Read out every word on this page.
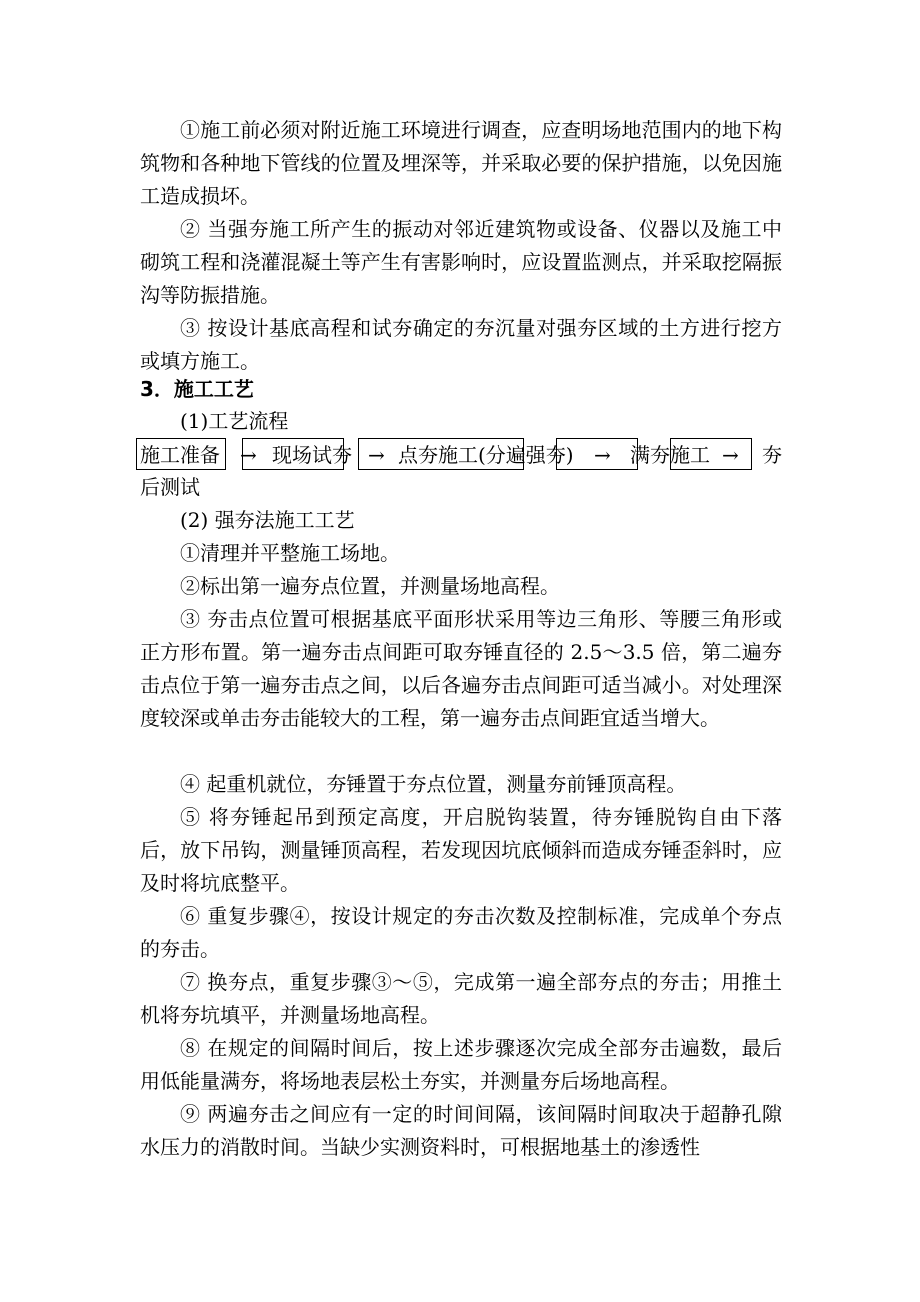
①施工前必须对附近施工环境进行调查，应查明场地范围内的地下构筑物和各种地下管线的位置及埋深等，并采取必要的保护措施，以免因施工造成损坏。

② 当强夯施工所产生的振动对邻近建筑物或设备、仪器以及施工中砌筑工程和浇灌混凝土等产生有害影响时，应设置监测点，并采取挖隔振沟等防振措施。

③ 按设计基底高程和试夯确定的夯沉量对强夯区域的土方进行挖方或填方施工。

3．施工工艺

(1)工艺流程

施工准备 → 现场试夯 → 点夯施工(分遍强夯) → 满夯施工 → 夯

后测试

(2) 强夯法施工工艺

①清理并平整施工场地。

②标出第一遍夯点位置，并测量场地高程。

③ 夯击点位置可根据基底平面形状采用等边三角形、等腰三角形或正方形布置。第一遍夯击点间距可取夯锤直径的 2.5～3.5 倍，第二遍夯击点位于第一遍夯击点之间，以后各遍夯击点间距可适当减小。对处理深度较深或单击夯击能较大的工程，第一遍夯击点间距宜适当增大。

④ 起重机就位，夯锤置于夯点位置，测量夯前锤顶高程。

⑤ 将夯锤起吊到预定高度，开启脱钩装置，待夯锤脱钩自由下落后，放下吊钩，测量锤顶高程，若发现因坑底倾斜而造成夯锤歪斜时，应及时将坑底整平。

⑥ 重复步骤④，按设计规定的夯击次数及控制标准，完成单个夯点的夯击。

⑦ 换夯点，重复步骤③～⑤，完成第一遍全部夯点的夯击；用推土机将夯坑填平，并测量场地高程。

⑧ 在规定的间隔时间后，按上述步骤逐次完成全部夯击遍数，最后用低能量满夯，将场地表层松土夯实，并测量夯后场地高程。

⑨ 两遍夯击之间应有一定的时间间隔，该间隔时间取决于超静孔隙水压力的消散时间。当缺少实测资料时，可根据地基土的渗透性
